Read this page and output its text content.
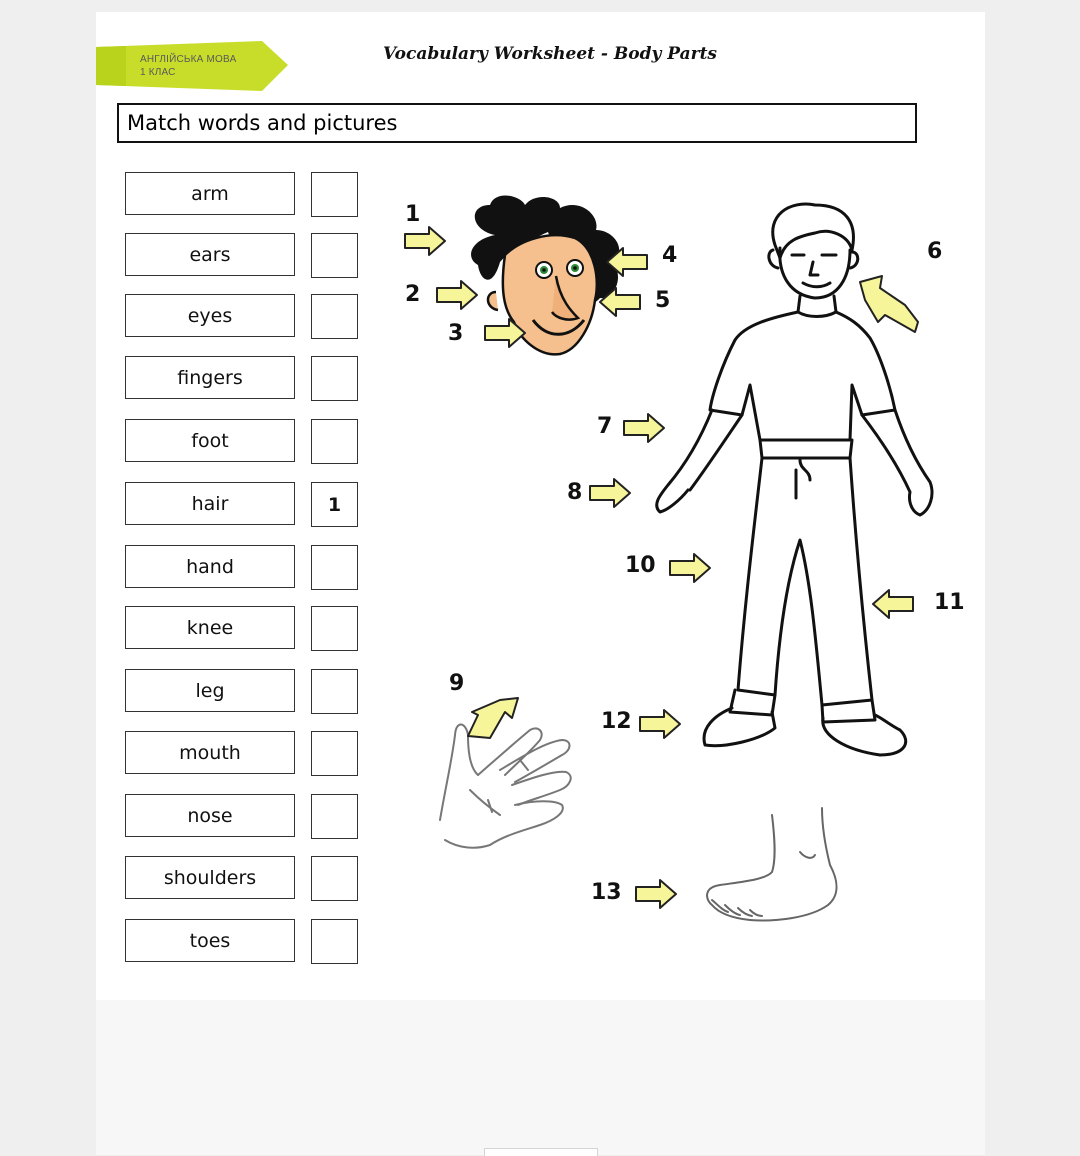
АНГЛІЙСЬКА МОВА
1 КЛАС
Vocabulary Worksheet - Body Parts
Match words and pictures
arm
ears
eyes
fingers
foot
hair	1
hand
knee
leg
mouth
nose
shoulders
toes
1
2
3
4
5
6
7
8
9
10
11
12
13
